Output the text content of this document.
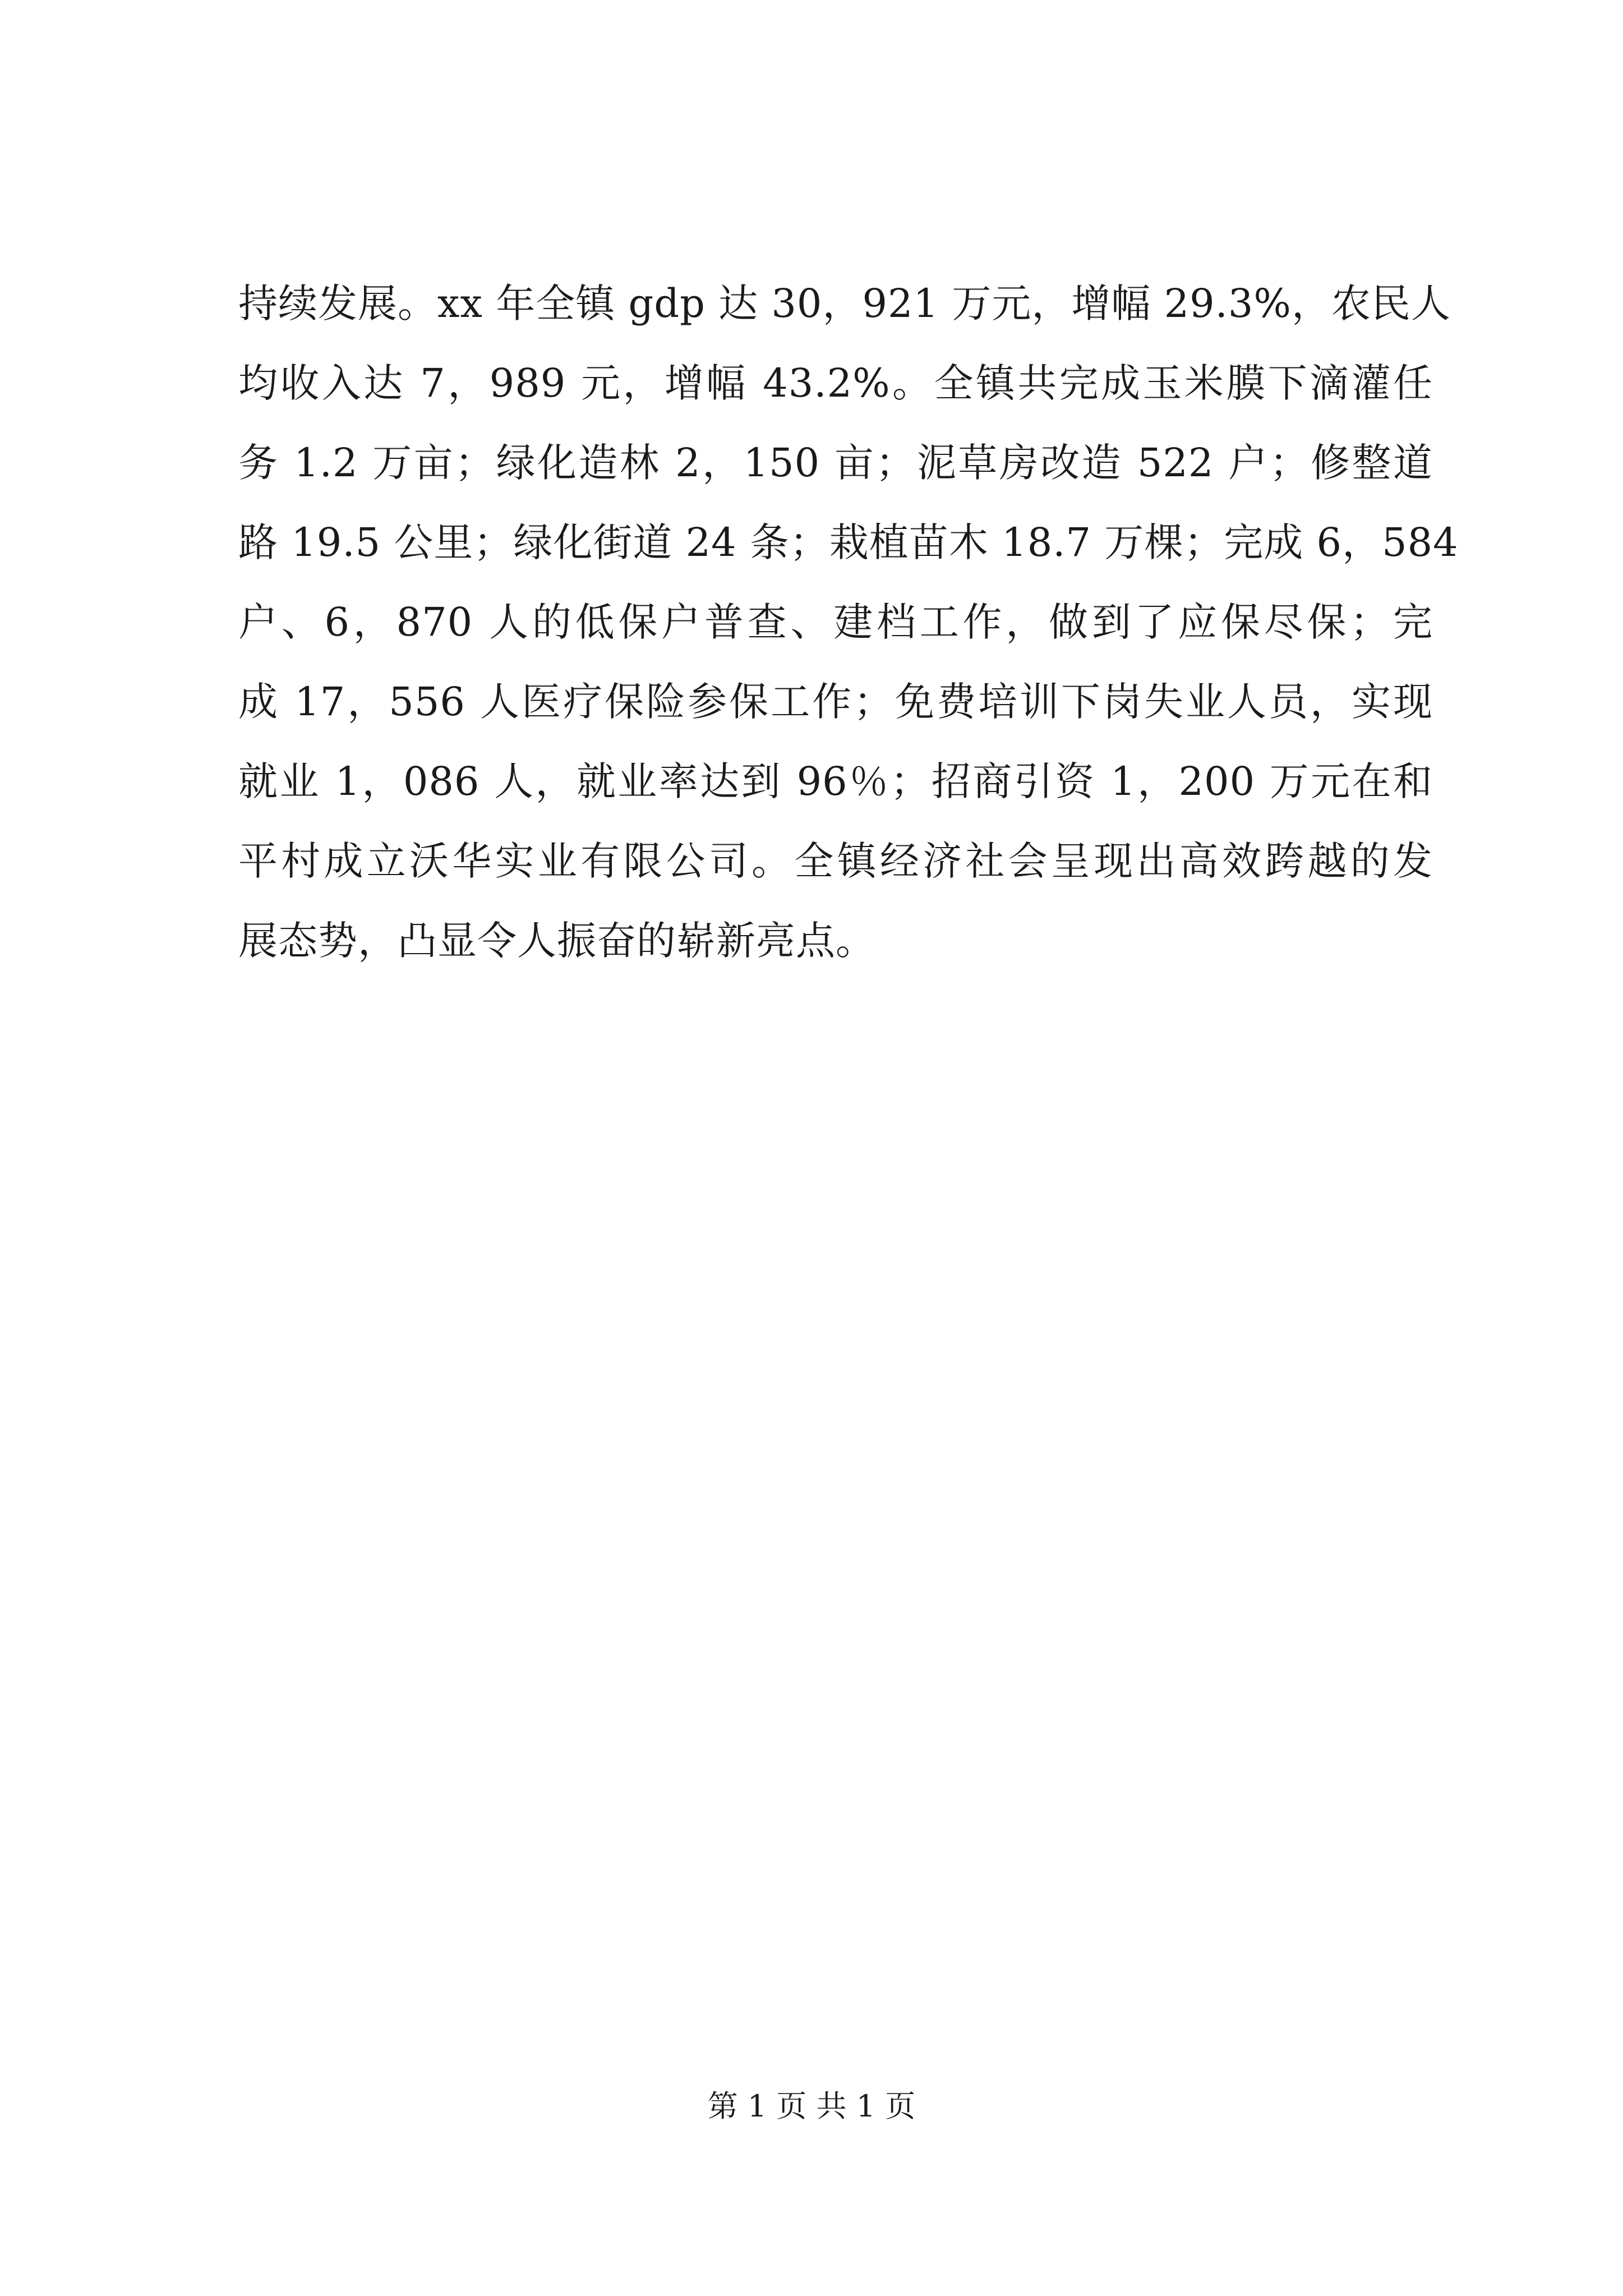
持续发展。xx 年全镇 gdp 达 30，921 万元，增幅 29.3%，农民人
均收入达 7，989 元，增幅 43.2%。全镇共完成玉米膜下滴灌任
务 1.2 万亩；绿化造林 2，150 亩；泥草房改造 522 户；修整道
路 19.5 公里；绿化街道 24 条；栽植苗木 18.7 万棵；完成 6，584
户、6，870 人的低保户普查、建档工作，做到了应保尽保；完
成 17，556 人医疗保险参保工作；免费培训下岗失业人员，实现
就业 1，086 人，就业率达到 96％；招商引资 1，200 万元在和
平村成立沃华实业有限公司。全镇经济社会呈现出高效跨越的发
展态势，凸显令人振奋的崭新亮点。
第 1 页 共 1 页
